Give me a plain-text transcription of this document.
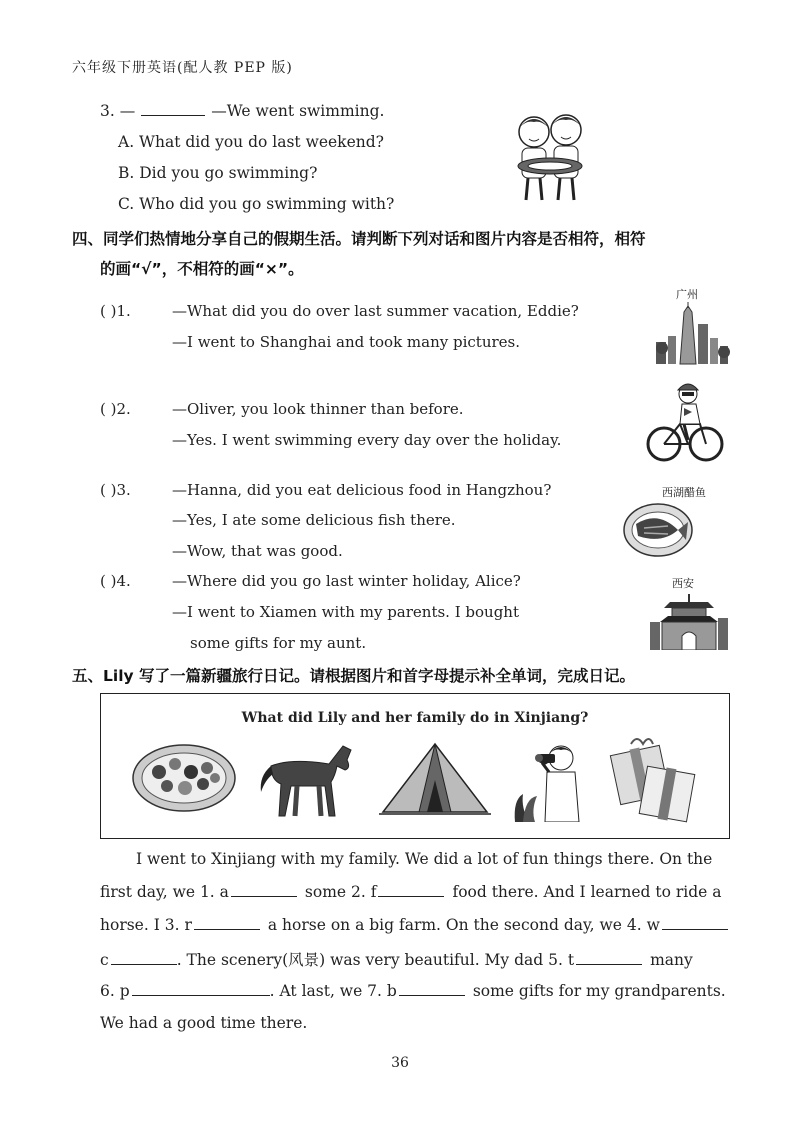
六年级下册英语(配人教 PEP 版)
3. —	—We went swimming.
A. What did you do last weekend?
B. Did you go swimming?
C. Who did you go swimming with?
四、同学们热情地分享自己的假期生活。请判断下列对话和图片内容是否相符，相符
的画“√”，不相符的画“×”。
( )1.	—What did you do over last summer vacation, Eddie?
—I went to Shanghai and took many pictures.
广州
( )2.	—Oliver, you look thinner than before.
—Yes. I went swimming every day over the holiday.
( )3.	—Hanna, did you eat delicious food in Hangzhou?
—Yes, I ate some delicious fish there.
—Wow, that was good.
西湖醋鱼
( )4.	—Where did you go last winter holiday, Alice?
—I went to Xiamen with my parents. I bought
some gifts for my aunt.
西安
五、Lily 写了一篇新疆旅行日记。请根据图片和首字母提示补全单词，完成日记。
What did Lily and her family do in Xinjiang?
I went to Xinjiang with my family. We did a lot of fun things there. On the
first day, we 1. a	some 2. f	food there. And I learned to ride a
horse. I 3. r	a horse on a big farm. On the second day, we 4. w
c	. The scenery(风景) was very beautiful. My dad 5. t	many
6. p	. At last, we 7. b	some gifts for my grandparents.
We had a good time there.
36
